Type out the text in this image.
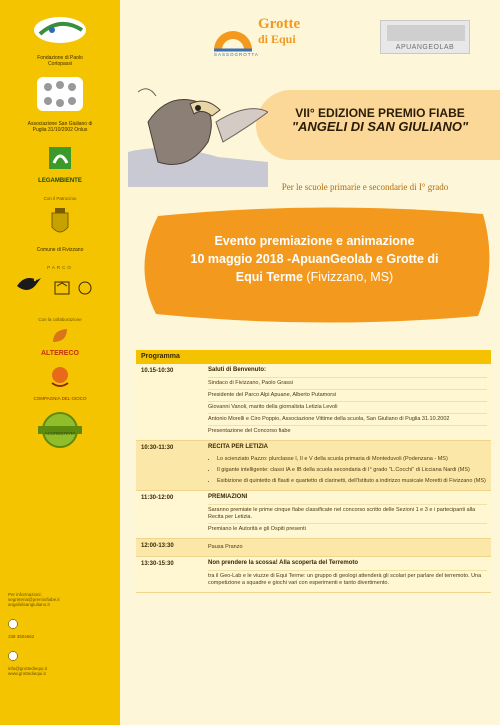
Fondazione di Paolo Cortopassi
Associazione San Giuliano di Puglia 31/10/2002 Onlus
LEGAMBIENTE
Con il Patrocinio
Comune di Fivizzano
PARCO

Con la collaborazione
ALTERECO
COMPAGNIA DEL GIOCO
ACCREDITATA
Per informazioni:
segreteria@premiofiabe.it
angelidisangiuliano.it
338 3504662
info@grottediequi.it
www.grottediequi.it
Grotte
di Equi
SASSOGROTTA
APUANGEOLAB
VII° EDIZIONE PREMIO FIABE
"ANGELI DI SAN GIULIANO"
Per le scuole primarie e secondarie di I° grado
Evento premiazione e animazione
10 maggio 2018 -ApuanGeolab e Grotte di
Equi Terme (Fivizzano, MS)
Programma
10.15-10:30	Saluti di Benvenuto:
Sindaco di Fivizzano, Paolo Grassi
Presidente del Parco Alpi Apuane, Alberto Putamorsi
Giovanni Vanoli, marito della giornalista Letizia Levoli
Antonio Morelli e Ciro Poppio, Associazione Vittime della scuola, San Giuliano di Puglia 31.10.2002
Presentazione del Concorso fiabe
10:30-11:30	RECITA PER LETIZIA
• Lo scienziato Pazzo: plurclasse I, II e V della scuola primaria di Monteduvoli (Podenzana - MS)
• Il gigante intelligente: classi IA e IB della scuola secondaria di I° grado "L.Cocchi" di Licciana Nardi (MS)
• Esibizione di quintetto di flauti e quartetto di clarinetti, dell'Istituto a indirizzo musicale Moretti di Fivizzano (MS)
11:30-12:00	PREMIAZIONI
Saranno premiate le prime cinque fiabe classificate nel concorso scritto delle Sezioni 1 e 3 e i partecipanti alla Recita per Letizia.
Premiano le Autorità e gli Ospiti presenti
12:00-13:30	Pausa Pranzo
13:30-15:30	Non prendere la scossa! Alla scoperta del Terremoto
tra il Geo-Lab e le viuzze di Equi Terme: un gruppo di geologi attenderà gli scolari per parlare del terremoto. Una competizione a squadre e giochi vari con esperimenti e tanto divertimento.
